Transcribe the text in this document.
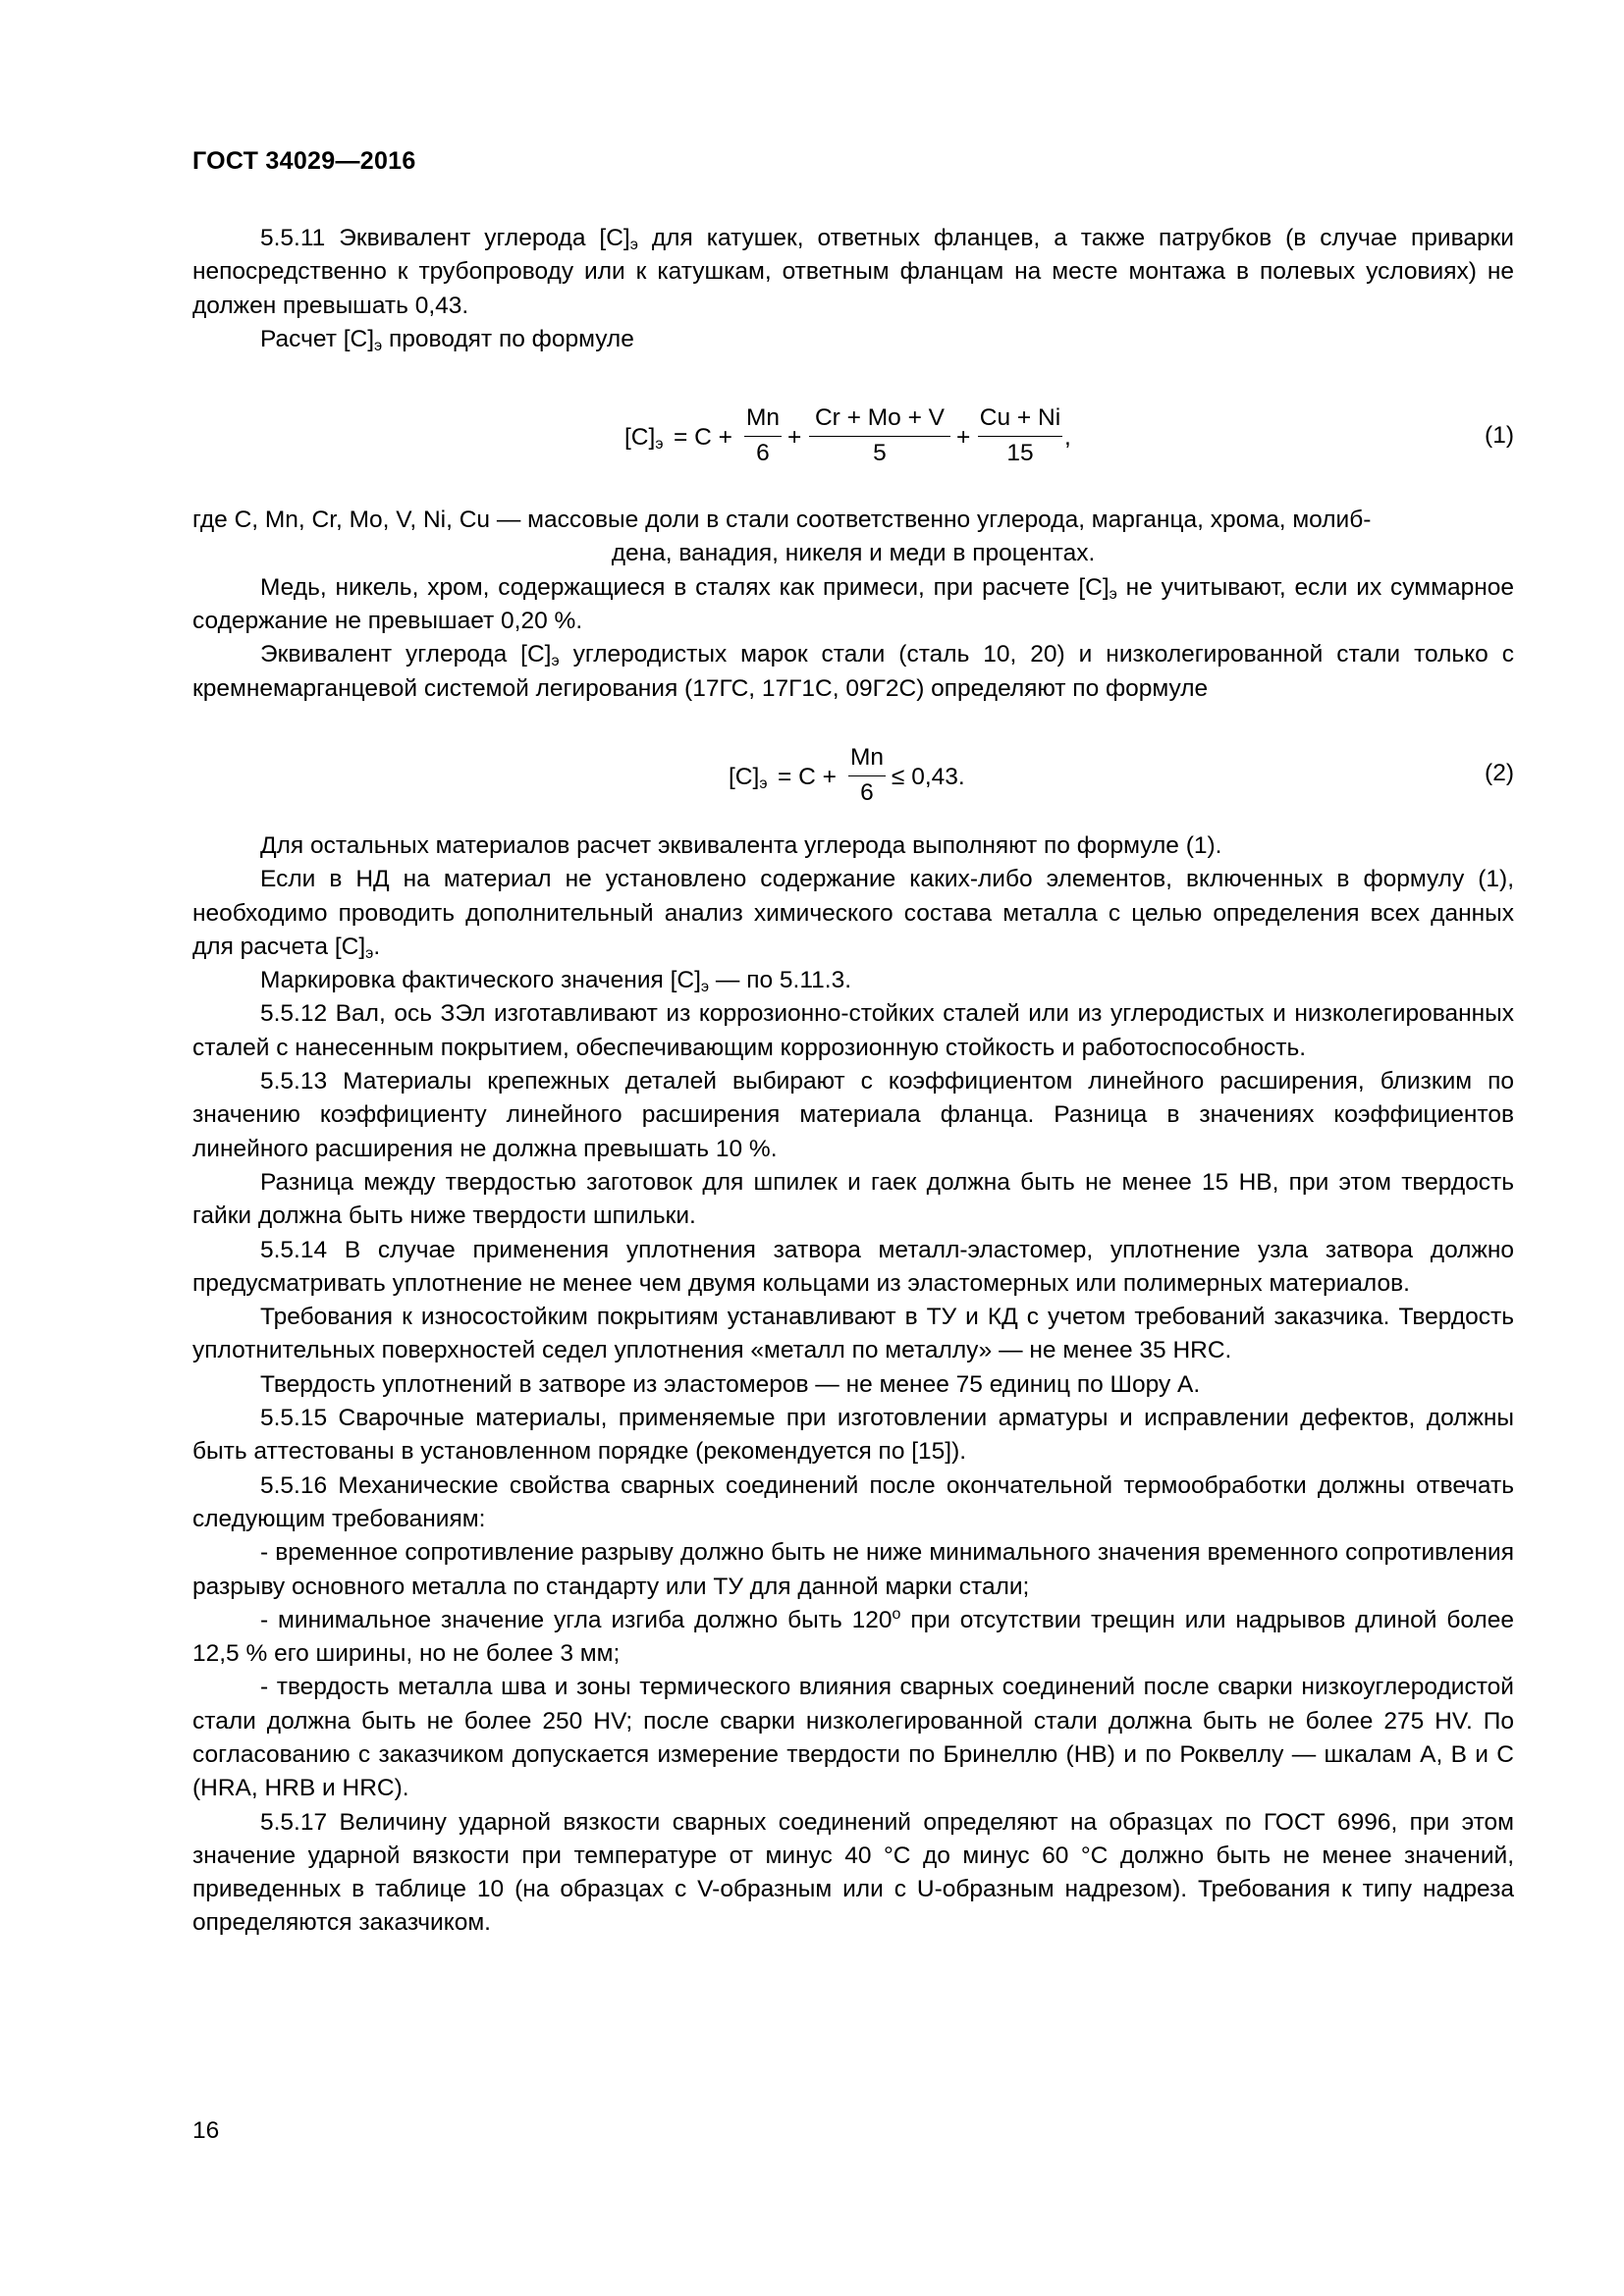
ГОСТ 34029—2016

5.5.11 Эквивалент углерода $[С]_э$ для катушек, ответных фланцев, а также патрубков (в случае приварки непосредственно к трубопроводу или к катушкам, ответным фланцам на месте монтажа в полевых условиях) не должен превышать 0,43.

Расчет $[С]_э$ проводят по формуле

$[С]_э = С$ +
Mn
6
+
Cr + Mo + V
5
+
Cu + Ni
15
,	(1)

где С, Mn, Cr, Mo, V, Ni, Cu — массовые доли в стали соответственно углерода, марганца, хрома, молиб-

дена, ванадия, никеля и меди в процентах.

Медь, никель, хром, содержащиеся в сталях как примеси, при расчете $[С]_э$ не учитывают, если их суммарное содержание не превышает 0,20 %.

Эквивалент углерода $[С]_э$ углеродистых марок стали (сталь 10, 20) и низколегированной стали только с кремнемарганцевой системой легирования (17ГС, 17Г1С, 09Г2С) определяют по формуле

$[С]_э = С$ +
Mn
6
≤ 0,43.	(2)

Для остальных материалов расчет эквивалента углерода выполняют по формуле (1).

Если в НД на материал не установлено содержание каких-либо элементов, включенных в формулу (1), необходимо проводить дополнительный анализ химического состава металла с целью определения всех данных для расчета $[С]_э$.

Маркировка фактического значения $[С]_э$ — по 5.11.3.

5.5.12 Вал, ось ЗЭл изготавливают из коррозионно-стойких сталей или из углеродистых и низколегированных сталей с нанесенным покрытием, обеспечивающим коррозионную стойкость и работоспособность.

5.5.13 Материалы крепежных деталей выбирают с коэффициентом линейного расширения, близким по значению коэффициенту линейного расширения материала фланца. Разница в значениях коэффициентов линейного расширения не должна превышать 10 %.

Разница между твердостью заготовок для шпилек и гаек должна быть не менее 15 НВ, при этом твердость гайки должна быть ниже твердости шпильки.

5.5.14 В случае применения уплотнения затвора металл-эластомер, уплотнение узла затвора должно предусматривать уплотнение не менее чем двумя кольцами из эластомерных или полимерных материалов.

Требования к износостойким покрытиям устанавливают в ТУ и КД с учетом требований заказчика. Твердость уплотнительных поверхностей седел уплотнения «металл по металлу» — не менее 35 HRC.

Твердость уплотнений в затворе из эластомеров — не менее 75 единиц по Шору А.

5.5.15 Сварочные материалы, применяемые при изготовлении арматуры и исправлении дефектов, должны быть аттестованы в установленном порядке (рекомендуется по [15]).

5.5.16 Механические свойства сварных соединений после окончательной термообработки должны отвечать следующим требованиям:

- временное сопротивление разрыву должно быть не ниже минимального значения временного сопротивления разрыву основного металла по стандарту или ТУ для данной марки стали;

- минимальное значение угла изгиба должно быть $120^о$ при отсутствии трещин или надрывов длиной более 12,5 % его ширины, но не более 3 мм;

- твердость металла шва и зоны термического влияния сварных соединений после сварки низкоуглеродистой стали должна быть не более 250 HV; после сварки низколегированной стали должна быть не более 275 HV. По согласованию с заказчиком допускается измерение твердости по Бринеллю (НВ) и по Роквеллу — шкалам А, В и С (HRA, HRB и HRC).

5.5.17 Величину ударной вязкости сварных соединений определяют на образцах по ГОСТ 6996, при этом значение ударной вязкости при температуре от минус 40 °С до минус 60 °С должно быть не менее значений, приведенных в таблице 10 (на образцах с V-образным или с U-образным надрезом). Требования к типу надреза определяются заказчиком.

16
